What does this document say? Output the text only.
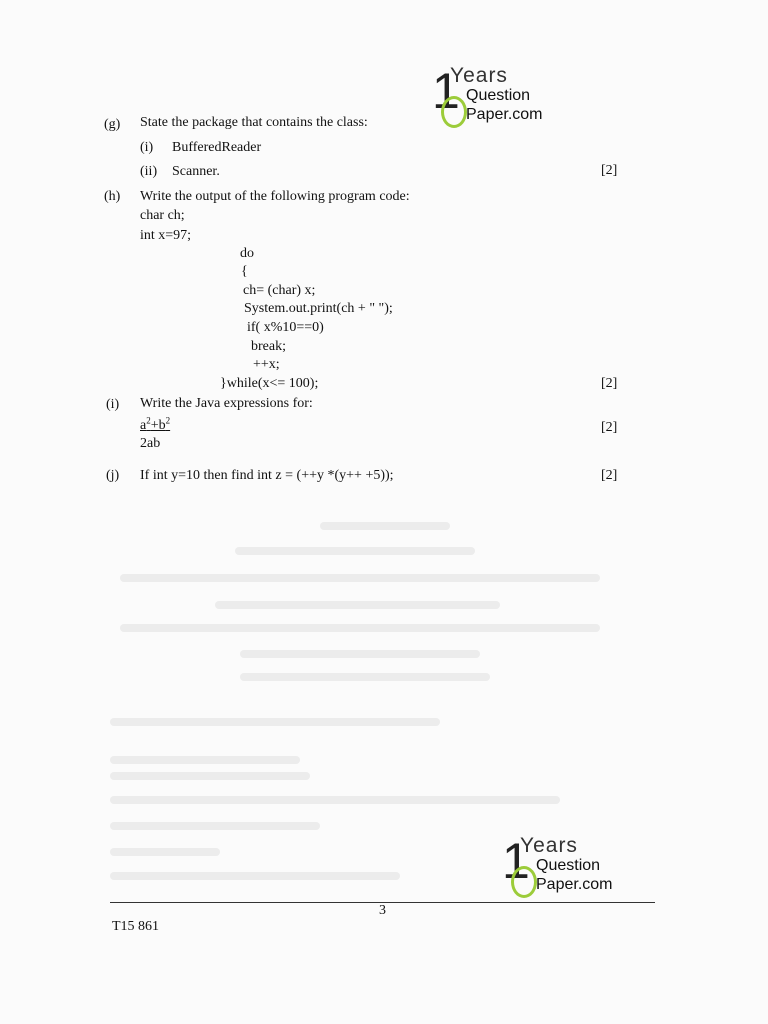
1
Years
Question
Paper.com
(g) State the package that contains the class:
(i) BufferedReader
(ii) Scanner.	[2]
(h) Write the output of the following program code:
char ch;
int x=97;
do
{
ch= (char) x;
System.out.print(ch + " ");
if( x%10==0)
break;
++x;
}while(x<= 100);	[2]
(i) Write the Java expressions for:
$a^2+b^2$
2ab
[2]
(j) If int y=10 then find int z = (++y *(y++ +5));	[2]
1
Years
Question
Paper.com
3
T15 861
